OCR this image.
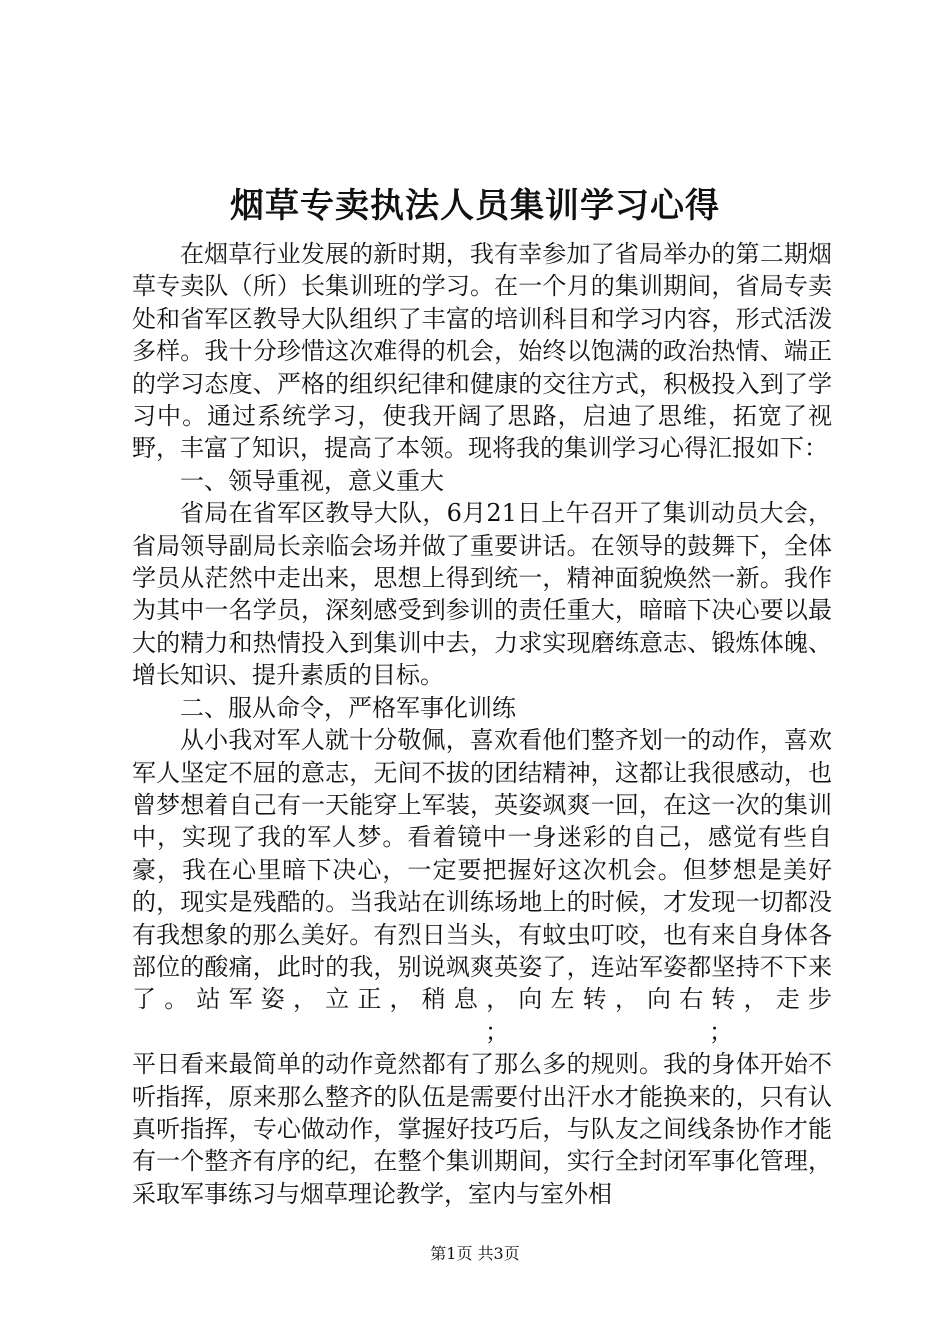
烟草专卖执法人员集训学习心得

在烟草行业发展的新时期，我有幸参加了省局举办的第二期烟草专卖队（所）长集训班的学习。在一个月的集训期间，省局专卖处和省军区教导大队组织了丰富的培训科目和学习内容，形式活泼多样。我十分珍惜这次难得的机会，始终以饱满的政治热情、端正的学习态度、严格的组织纪律和健康的交往方式，积极投入到了学习中。通过系统学习，使我开阔了思路，启迪了思维，拓宽了视野，丰富了知识，提高了本领。现将我的集训学习心得汇报如下：

一、领导重视，意义重大

省局在省军区教导大队，6月21日上午召开了集训动员大会，省局领导副局长亲临会场并做了重要讲话。在领导的鼓舞下，全体学员从茫然中走出来，思想上得到统一，精神面貌焕然一新。我作为其中一名学员，深刻感受到参训的责任重大，暗暗下决心要以最大的精力和热情投入到集训中去，力求实现磨练意志、锻炼体魄、增长知识、提升素质的目标。

二、服从命令，严格军事化训练

从小我对军人就十分敬佩，喜欢看他们整齐划一的动作，喜欢军人坚定不屈的意志，无间不拔的团结精神，这都让我很感动，也曾梦想着自己有一天能穿上军装，英姿飒爽一回，在这一次的集训中，实现了我的军人梦。看着镜中一身迷彩的自己，感觉有些自豪，我在心里暗下决心，一定要把握好这次机会。但梦想是美好的，现实是残酷的。当我站在训练场地上的时候，才发现一切都没有我想象的那么美好。有烈日当头，有蚊虫叮咬，也有来自身体各部位的酸痛，此时的我，别说飒爽英姿了，连站军姿都坚持不下来了。站军姿，立正，稍息，向左转，向右转，走步；	；

平日看来最简单的动作竟然都有了那么多的规则。我的身体开始不听指挥，原来那么整齐的队伍是需要付出汗水才能换来的，只有认真听指挥，专心做动作，掌握好技巧后，与队友之间线条协作才能有一个整齐有序的纪，在整个集训期间，实行全封闭军事化管理，采取军事练习与烟草理论教学，室内与室外相

第1页 共3页
